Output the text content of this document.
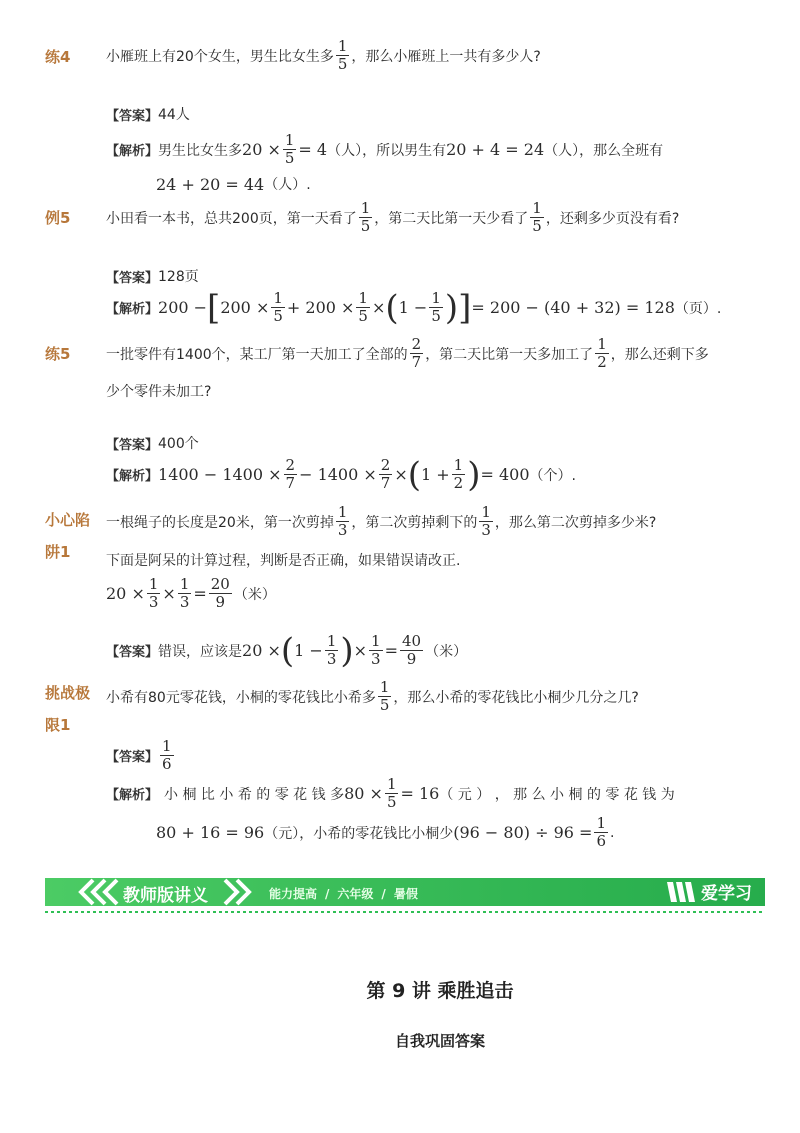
练4	小雁班上有20个女生，男生比女生多 $\frac{1}{5}$ ，那么小雁班上一共有多少人?
【答案】 44人
【解析】 男生比女生多 $20 \times \frac{1}{5} = 4$ （人），所以男生有 20 + 4 = 24 （人），那么全班有
24 + 20 = 44 （人）.
例5	小田看一本书，总共200页，第一天看了 $\frac{1}{5}$ ，第二天比第一天少看了 $\frac{1}{5}$ ，还剩多少页没有看?
【答案】 128页
【解析】 200 − [ $200 \times \frac{1}{5} + 200 \times \frac{1}{5}$ × ( $1 - \frac{1}{5}$ ) ] = 200 − (40 + 32) = 128 （页）.
练5	一批零件有1400个，某工厂第一天加工了全部的 $\frac{2}{7}$ ，第二天比第一天多加工了 $\frac{1}{2}$ ，那么还剩下多
少个零件未加工?
【答案】 400个
【解析】 $1400 - 1400 \times \frac{2}{7} - 1400 \times \frac{2}{7}$ × ( $1 + \frac{1}{2}$ ) = 400 （个）.
小心陷
阱1
一根绳子的长度是20米，第一次剪掉 $\frac{1}{3}$ ，第二次剪掉剩下的 $\frac{1}{3}$ ，那么第二次剪掉多少米?
下面是阿呆的计算过程，判断是否正确，如果错误请改正.
$20 \times \frac{1}{3} \times \frac{1}{3} = \frac{20}{9}$ （米）
【答案】 错误，应该是 20 × ( $1 - \frac{1}{3}$ ) × $\frac{1}{3} = \frac{40}{9}$ （米）
挑战极
限1
小希有80元零花钱，小桐的零花钱比小希多 $\frac{1}{5}$ ，那么小希的零花钱比小桐少几分之几?
【答案】 $\frac{1}{6}$
【解析】 小 桐 比 小 希 的 零 花 钱 多 $80 \times \frac{1}{5} = 16$ （ 元 ） ， 那 么 小 桐 的 零 花 钱 为
80 + 16 = 96 （元），小希的零花钱比小桐少 $(96 - 80) \div 96 = \frac{1}{6}$ .
教师版讲义	能力提高 / 六年级 / 暑假	爱学习
第 9 讲 乘胜追击
自我巩固答案
